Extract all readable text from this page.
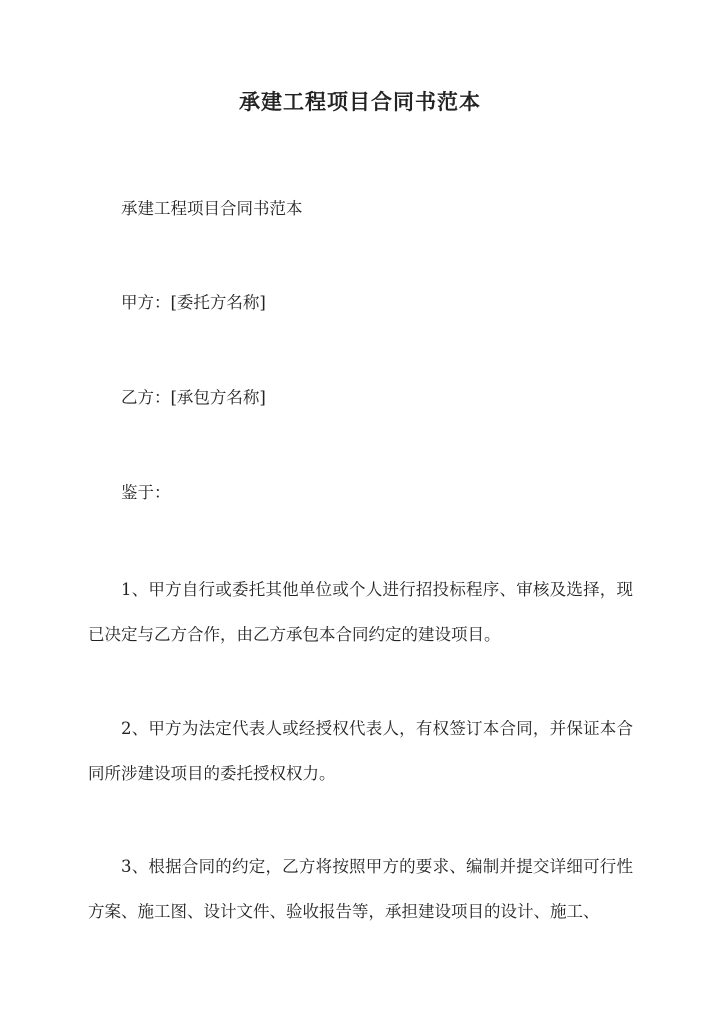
承建工程项目合同书范本

承建工程项目合同书范本

甲方：[委托方名称]

乙方：[承包方名称]

鉴于：

1、甲方自行或委托其他单位或个人进行招投标程序、审核及选择，现已决定与乙方合作，由乙方承包本合同约定的建设项目。

2、甲方为法定代表人或经授权代表人，有权签订本合同，并保证本合同所涉建设项目的委托授权权力。

3、根据合同的约定，乙方将按照甲方的要求、编制并提交详细可行性方案、施工图、设计文件、验收报告等，承担建设项目的设计、施工、
